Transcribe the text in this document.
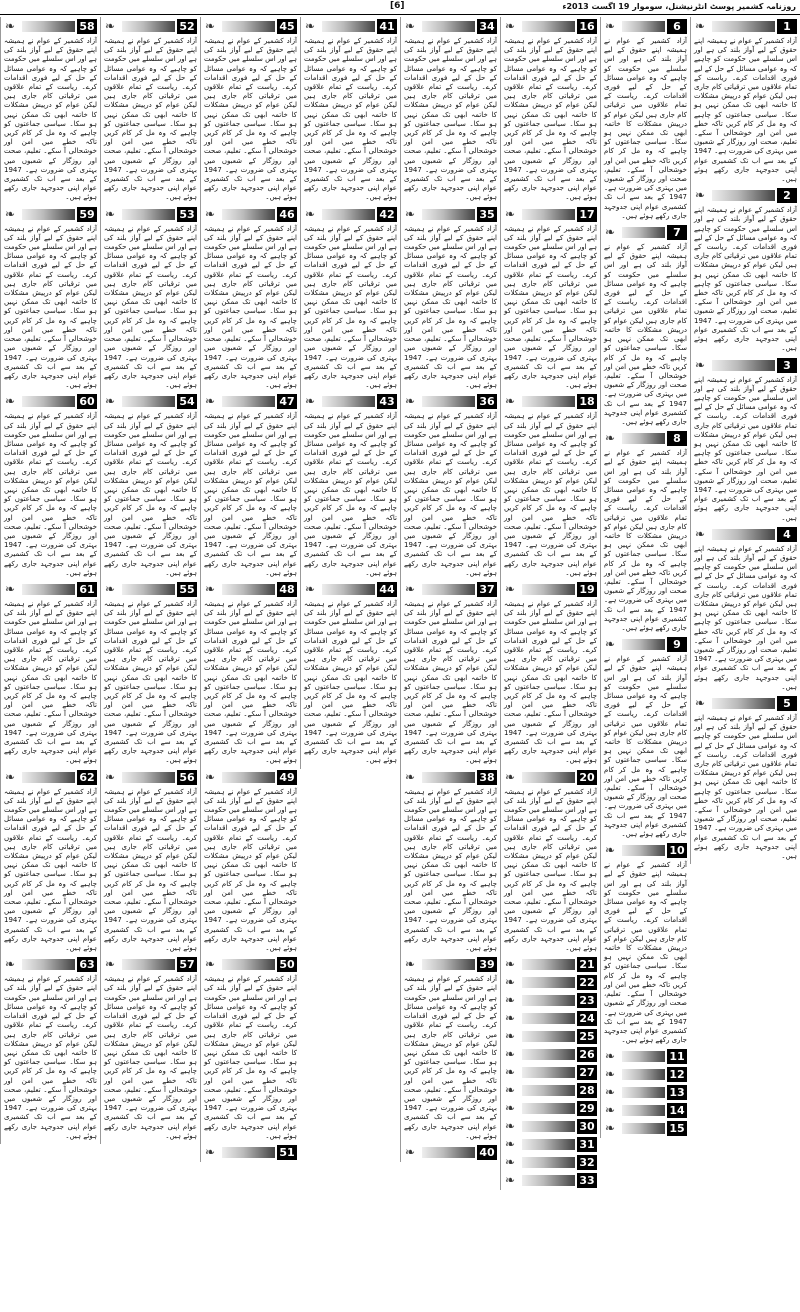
روزنامہ کشمیر پوسٹ انٹرنیشنل، سوموار 19 اگست 2013ء
[6]
❧	1
آزاد کشمیر کے عوام نے ہمیشہ اپنے حقوق کے لیے آواز بلند کی ہے اور اس سلسلے میں حکومت کو چاہیے کہ وہ عوامی مسائل کے حل کے لیے فوری اقدامات کرے۔ ریاست کے تمام علاقوں میں ترقیاتی کام جاری ہیں لیکن عوام کو درپیش مشکلات کا خاتمہ ابھی تک ممکن نہیں ہو سکا۔ سیاسی جماعتوں کو چاہیے کہ وہ مل کر کام کریں تاکہ خطے میں امن اور خوشحالی آ سکے۔ تعلیم، صحت اور روزگار کے شعبوں میں بہتری کی ضرورت ہے۔ 1947 کے بعد سے اب تک کشمیری عوام اپنی جدوجہد جاری رکھے ہوئے ہیں۔
❧	2
آزاد کشمیر کے عوام نے ہمیشہ اپنے حقوق کے لیے آواز بلند کی ہے اور اس سلسلے میں حکومت کو چاہیے کہ وہ عوامی مسائل کے حل کے لیے فوری اقدامات کرے۔ ریاست کے تمام علاقوں میں ترقیاتی کام جاری ہیں لیکن عوام کو درپیش مشکلات کا خاتمہ ابھی تک ممکن نہیں ہو سکا۔ سیاسی جماعتوں کو چاہیے کہ وہ مل کر کام کریں تاکہ خطے میں امن اور خوشحالی آ سکے۔ تعلیم، صحت اور روزگار کے شعبوں میں بہتری کی ضرورت ہے۔ 1947 کے بعد سے اب تک کشمیری عوام اپنی جدوجہد جاری رکھے ہوئے ہیں۔
❧	3
آزاد کشمیر کے عوام نے ہمیشہ اپنے حقوق کے لیے آواز بلند کی ہے اور اس سلسلے میں حکومت کو چاہیے کہ وہ عوامی مسائل کے حل کے لیے فوری اقدامات کرے۔ ریاست کے تمام علاقوں میں ترقیاتی کام جاری ہیں لیکن عوام کو درپیش مشکلات کا خاتمہ ابھی تک ممکن نہیں ہو سکا۔ سیاسی جماعتوں کو چاہیے کہ وہ مل کر کام کریں تاکہ خطے میں امن اور خوشحالی آ سکے۔ تعلیم، صحت اور روزگار کے شعبوں میں بہتری کی ضرورت ہے۔ 1947 کے بعد سے اب تک کشمیری عوام اپنی جدوجہد جاری رکھے ہوئے ہیں۔
❧	4
آزاد کشمیر کے عوام نے ہمیشہ اپنے حقوق کے لیے آواز بلند کی ہے اور اس سلسلے میں حکومت کو چاہیے کہ وہ عوامی مسائل کے حل کے لیے فوری اقدامات کرے۔ ریاست کے تمام علاقوں میں ترقیاتی کام جاری ہیں لیکن عوام کو درپیش مشکلات کا خاتمہ ابھی تک ممکن نہیں ہو سکا۔ سیاسی جماعتوں کو چاہیے کہ وہ مل کر کام کریں تاکہ خطے میں امن اور خوشحالی آ سکے۔ تعلیم، صحت اور روزگار کے شعبوں میں بہتری کی ضرورت ہے۔ 1947 کے بعد سے اب تک کشمیری عوام اپنی جدوجہد جاری رکھے ہوئے ہیں۔
❧	5
آزاد کشمیر کے عوام نے ہمیشہ اپنے حقوق کے لیے آواز بلند کی ہے اور اس سلسلے میں حکومت کو چاہیے کہ وہ عوامی مسائل کے حل کے لیے فوری اقدامات کرے۔ ریاست کے تمام علاقوں میں ترقیاتی کام جاری ہیں لیکن عوام کو درپیش مشکلات کا خاتمہ ابھی تک ممکن نہیں ہو سکا۔ سیاسی جماعتوں کو چاہیے کہ وہ مل کر کام کریں تاکہ خطے میں امن اور خوشحالی آ سکے۔ تعلیم، صحت اور روزگار کے شعبوں میں بہتری کی ضرورت ہے۔ 1947 کے بعد سے اب تک کشمیری عوام اپنی جدوجہد جاری رکھے ہوئے ہیں۔
❧	6
آزاد کشمیر کے عوام نے ہمیشہ اپنے حقوق کے لیے آواز بلند کی ہے اور اس سلسلے میں حکومت کو چاہیے کہ وہ عوامی مسائل کے حل کے لیے فوری اقدامات کرے۔ ریاست کے تمام علاقوں میں ترقیاتی کام جاری ہیں لیکن عوام کو درپیش مشکلات کا خاتمہ ابھی تک ممکن نہیں ہو سکا۔ سیاسی جماعتوں کو چاہیے کہ وہ مل کر کام کریں تاکہ خطے میں امن اور خوشحالی آ سکے۔ تعلیم، صحت اور روزگار کے شعبوں میں بہتری کی ضرورت ہے۔ 1947 کے بعد سے اب تک کشمیری عوام اپنی جدوجہد جاری رکھے ہوئے ہیں۔
❧	7
آزاد کشمیر کے عوام نے ہمیشہ اپنے حقوق کے لیے آواز بلند کی ہے اور اس سلسلے میں حکومت کو چاہیے کہ وہ عوامی مسائل کے حل کے لیے فوری اقدامات کرے۔ ریاست کے تمام علاقوں میں ترقیاتی کام جاری ہیں لیکن عوام کو درپیش مشکلات کا خاتمہ ابھی تک ممکن نہیں ہو سکا۔ سیاسی جماعتوں کو چاہیے کہ وہ مل کر کام کریں تاکہ خطے میں امن اور خوشحالی آ سکے۔ تعلیم، صحت اور روزگار کے شعبوں میں بہتری کی ضرورت ہے۔ 1947 کے بعد سے اب تک کشمیری عوام اپنی جدوجہد جاری رکھے ہوئے ہیں۔
❧	8
آزاد کشمیر کے عوام نے ہمیشہ اپنے حقوق کے لیے آواز بلند کی ہے اور اس سلسلے میں حکومت کو چاہیے کہ وہ عوامی مسائل کے حل کے لیے فوری اقدامات کرے۔ ریاست کے تمام علاقوں میں ترقیاتی کام جاری ہیں لیکن عوام کو درپیش مشکلات کا خاتمہ ابھی تک ممکن نہیں ہو سکا۔ سیاسی جماعتوں کو چاہیے کہ وہ مل کر کام کریں تاکہ خطے میں امن اور خوشحالی آ سکے۔ تعلیم، صحت اور روزگار کے شعبوں میں بہتری کی ضرورت ہے۔ 1947 کے بعد سے اب تک کشمیری عوام اپنی جدوجہد جاری رکھے ہوئے ہیں۔
❧	9
آزاد کشمیر کے عوام نے ہمیشہ اپنے حقوق کے لیے آواز بلند کی ہے اور اس سلسلے میں حکومت کو چاہیے کہ وہ عوامی مسائل کے حل کے لیے فوری اقدامات کرے۔ ریاست کے تمام علاقوں میں ترقیاتی کام جاری ہیں لیکن عوام کو درپیش مشکلات کا خاتمہ ابھی تک ممکن نہیں ہو سکا۔ سیاسی جماعتوں کو چاہیے کہ وہ مل کر کام کریں تاکہ خطے میں امن اور خوشحالی آ سکے۔ تعلیم، صحت اور روزگار کے شعبوں میں بہتری کی ضرورت ہے۔ 1947 کے بعد سے اب تک کشمیری عوام اپنی جدوجہد جاری رکھے ہوئے ہیں۔
❧	10
آزاد کشمیر کے عوام نے ہمیشہ اپنے حقوق کے لیے آواز بلند کی ہے اور اس سلسلے میں حکومت کو چاہیے کہ وہ عوامی مسائل کے حل کے لیے فوری اقدامات کرے۔ ریاست کے تمام علاقوں میں ترقیاتی کام جاری ہیں لیکن عوام کو درپیش مشکلات کا خاتمہ ابھی تک ممکن نہیں ہو سکا۔ سیاسی جماعتوں کو چاہیے کہ وہ مل کر کام کریں تاکہ خطے میں امن اور خوشحالی آ سکے۔ تعلیم، صحت اور روزگار کے شعبوں میں بہتری کی ضرورت ہے۔ 1947 کے بعد سے اب تک کشمیری عوام اپنی جدوجہد جاری رکھے ہوئے ہیں۔
❧	11
❧	12
❧	13
❧	14
❧	15
❧	16
آزاد کشمیر کے عوام نے ہمیشہ اپنے حقوق کے لیے آواز بلند کی ہے اور اس سلسلے میں حکومت کو چاہیے کہ وہ عوامی مسائل کے حل کے لیے فوری اقدامات کرے۔ ریاست کے تمام علاقوں میں ترقیاتی کام جاری ہیں لیکن عوام کو درپیش مشکلات کا خاتمہ ابھی تک ممکن نہیں ہو سکا۔ سیاسی جماعتوں کو چاہیے کہ وہ مل کر کام کریں تاکہ خطے میں امن اور خوشحالی آ سکے۔ تعلیم، صحت اور روزگار کے شعبوں میں بہتری کی ضرورت ہے۔ 1947 کے بعد سے اب تک کشمیری عوام اپنی جدوجہد جاری رکھے ہوئے ہیں۔
❧	17
آزاد کشمیر کے عوام نے ہمیشہ اپنے حقوق کے لیے آواز بلند کی ہے اور اس سلسلے میں حکومت کو چاہیے کہ وہ عوامی مسائل کے حل کے لیے فوری اقدامات کرے۔ ریاست کے تمام علاقوں میں ترقیاتی کام جاری ہیں لیکن عوام کو درپیش مشکلات کا خاتمہ ابھی تک ممکن نہیں ہو سکا۔ سیاسی جماعتوں کو چاہیے کہ وہ مل کر کام کریں تاکہ خطے میں امن اور خوشحالی آ سکے۔ تعلیم، صحت اور روزگار کے شعبوں میں بہتری کی ضرورت ہے۔ 1947 کے بعد سے اب تک کشمیری عوام اپنی جدوجہد جاری رکھے ہوئے ہیں۔
❧	18
آزاد کشمیر کے عوام نے ہمیشہ اپنے حقوق کے لیے آواز بلند کی ہے اور اس سلسلے میں حکومت کو چاہیے کہ وہ عوامی مسائل کے حل کے لیے فوری اقدامات کرے۔ ریاست کے تمام علاقوں میں ترقیاتی کام جاری ہیں لیکن عوام کو درپیش مشکلات کا خاتمہ ابھی تک ممکن نہیں ہو سکا۔ سیاسی جماعتوں کو چاہیے کہ وہ مل کر کام کریں تاکہ خطے میں امن اور خوشحالی آ سکے۔ تعلیم، صحت اور روزگار کے شعبوں میں بہتری کی ضرورت ہے۔ 1947 کے بعد سے اب تک کشمیری عوام اپنی جدوجہد جاری رکھے ہوئے ہیں۔
❧	19
آزاد کشمیر کے عوام نے ہمیشہ اپنے حقوق کے لیے آواز بلند کی ہے اور اس سلسلے میں حکومت کو چاہیے کہ وہ عوامی مسائل کے حل کے لیے فوری اقدامات کرے۔ ریاست کے تمام علاقوں میں ترقیاتی کام جاری ہیں لیکن عوام کو درپیش مشکلات کا خاتمہ ابھی تک ممکن نہیں ہو سکا۔ سیاسی جماعتوں کو چاہیے کہ وہ مل کر کام کریں تاکہ خطے میں امن اور خوشحالی آ سکے۔ تعلیم، صحت اور روزگار کے شعبوں میں بہتری کی ضرورت ہے۔ 1947 کے بعد سے اب تک کشمیری عوام اپنی جدوجہد جاری رکھے ہوئے ہیں۔
❧	20
آزاد کشمیر کے عوام نے ہمیشہ اپنے حقوق کے لیے آواز بلند کی ہے اور اس سلسلے میں حکومت کو چاہیے کہ وہ عوامی مسائل کے حل کے لیے فوری اقدامات کرے۔ ریاست کے تمام علاقوں میں ترقیاتی کام جاری ہیں لیکن عوام کو درپیش مشکلات کا خاتمہ ابھی تک ممکن نہیں ہو سکا۔ سیاسی جماعتوں کو چاہیے کہ وہ مل کر کام کریں تاکہ خطے میں امن اور خوشحالی آ سکے۔ تعلیم، صحت اور روزگار کے شعبوں میں بہتری کی ضرورت ہے۔ 1947 کے بعد سے اب تک کشمیری عوام اپنی جدوجہد جاری رکھے ہوئے ہیں۔
❧	21
❧	22
❧	23
❧	24
❧	25
❧	26
❧	27
❧	28
❧	29
❧	30
❧	31
❧	32
❧	33
❧	34
آزاد کشمیر کے عوام نے ہمیشہ اپنے حقوق کے لیے آواز بلند کی ہے اور اس سلسلے میں حکومت کو چاہیے کہ وہ عوامی مسائل کے حل کے لیے فوری اقدامات کرے۔ ریاست کے تمام علاقوں میں ترقیاتی کام جاری ہیں لیکن عوام کو درپیش مشکلات کا خاتمہ ابھی تک ممکن نہیں ہو سکا۔ سیاسی جماعتوں کو چاہیے کہ وہ مل کر کام کریں تاکہ خطے میں امن اور خوشحالی آ سکے۔ تعلیم، صحت اور روزگار کے شعبوں میں بہتری کی ضرورت ہے۔ 1947 کے بعد سے اب تک کشمیری عوام اپنی جدوجہد جاری رکھے ہوئے ہیں۔
❧	35
آزاد کشمیر کے عوام نے ہمیشہ اپنے حقوق کے لیے آواز بلند کی ہے اور اس سلسلے میں حکومت کو چاہیے کہ وہ عوامی مسائل کے حل کے لیے فوری اقدامات کرے۔ ریاست کے تمام علاقوں میں ترقیاتی کام جاری ہیں لیکن عوام کو درپیش مشکلات کا خاتمہ ابھی تک ممکن نہیں ہو سکا۔ سیاسی جماعتوں کو چاہیے کہ وہ مل کر کام کریں تاکہ خطے میں امن اور خوشحالی آ سکے۔ تعلیم، صحت اور روزگار کے شعبوں میں بہتری کی ضرورت ہے۔ 1947 کے بعد سے اب تک کشمیری عوام اپنی جدوجہد جاری رکھے ہوئے ہیں۔
❧	36
آزاد کشمیر کے عوام نے ہمیشہ اپنے حقوق کے لیے آواز بلند کی ہے اور اس سلسلے میں حکومت کو چاہیے کہ وہ عوامی مسائل کے حل کے لیے فوری اقدامات کرے۔ ریاست کے تمام علاقوں میں ترقیاتی کام جاری ہیں لیکن عوام کو درپیش مشکلات کا خاتمہ ابھی تک ممکن نہیں ہو سکا۔ سیاسی جماعتوں کو چاہیے کہ وہ مل کر کام کریں تاکہ خطے میں امن اور خوشحالی آ سکے۔ تعلیم، صحت اور روزگار کے شعبوں میں بہتری کی ضرورت ہے۔ 1947 کے بعد سے اب تک کشمیری عوام اپنی جدوجہد جاری رکھے ہوئے ہیں۔
❧	37
آزاد کشمیر کے عوام نے ہمیشہ اپنے حقوق کے لیے آواز بلند کی ہے اور اس سلسلے میں حکومت کو چاہیے کہ وہ عوامی مسائل کے حل کے لیے فوری اقدامات کرے۔ ریاست کے تمام علاقوں میں ترقیاتی کام جاری ہیں لیکن عوام کو درپیش مشکلات کا خاتمہ ابھی تک ممکن نہیں ہو سکا۔ سیاسی جماعتوں کو چاہیے کہ وہ مل کر کام کریں تاکہ خطے میں امن اور خوشحالی آ سکے۔ تعلیم، صحت اور روزگار کے شعبوں میں بہتری کی ضرورت ہے۔ 1947 کے بعد سے اب تک کشمیری عوام اپنی جدوجہد جاری رکھے ہوئے ہیں۔
❧	38
آزاد کشمیر کے عوام نے ہمیشہ اپنے حقوق کے لیے آواز بلند کی ہے اور اس سلسلے میں حکومت کو چاہیے کہ وہ عوامی مسائل کے حل کے لیے فوری اقدامات کرے۔ ریاست کے تمام علاقوں میں ترقیاتی کام جاری ہیں لیکن عوام کو درپیش مشکلات کا خاتمہ ابھی تک ممکن نہیں ہو سکا۔ سیاسی جماعتوں کو چاہیے کہ وہ مل کر کام کریں تاکہ خطے میں امن اور خوشحالی آ سکے۔ تعلیم، صحت اور روزگار کے شعبوں میں بہتری کی ضرورت ہے۔ 1947 کے بعد سے اب تک کشمیری عوام اپنی جدوجہد جاری رکھے ہوئے ہیں۔
❧	39
آزاد کشمیر کے عوام نے ہمیشہ اپنے حقوق کے لیے آواز بلند کی ہے اور اس سلسلے میں حکومت کو چاہیے کہ وہ عوامی مسائل کے حل کے لیے فوری اقدامات کرے۔ ریاست کے تمام علاقوں میں ترقیاتی کام جاری ہیں لیکن عوام کو درپیش مشکلات کا خاتمہ ابھی تک ممکن نہیں ہو سکا۔ سیاسی جماعتوں کو چاہیے کہ وہ مل کر کام کریں تاکہ خطے میں امن اور خوشحالی آ سکے۔ تعلیم، صحت اور روزگار کے شعبوں میں بہتری کی ضرورت ہے۔ 1947 کے بعد سے اب تک کشمیری عوام اپنی جدوجہد جاری رکھے ہوئے ہیں۔
❧	40
❧	41
آزاد کشمیر کے عوام نے ہمیشہ اپنے حقوق کے لیے آواز بلند کی ہے اور اس سلسلے میں حکومت کو چاہیے کہ وہ عوامی مسائل کے حل کے لیے فوری اقدامات کرے۔ ریاست کے تمام علاقوں میں ترقیاتی کام جاری ہیں لیکن عوام کو درپیش مشکلات کا خاتمہ ابھی تک ممکن نہیں ہو سکا۔ سیاسی جماعتوں کو چاہیے کہ وہ مل کر کام کریں تاکہ خطے میں امن اور خوشحالی آ سکے۔ تعلیم، صحت اور روزگار کے شعبوں میں بہتری کی ضرورت ہے۔ 1947 کے بعد سے اب تک کشمیری عوام اپنی جدوجہد جاری رکھے ہوئے ہیں۔
❧	42
آزاد کشمیر کے عوام نے ہمیشہ اپنے حقوق کے لیے آواز بلند کی ہے اور اس سلسلے میں حکومت کو چاہیے کہ وہ عوامی مسائل کے حل کے لیے فوری اقدامات کرے۔ ریاست کے تمام علاقوں میں ترقیاتی کام جاری ہیں لیکن عوام کو درپیش مشکلات کا خاتمہ ابھی تک ممکن نہیں ہو سکا۔ سیاسی جماعتوں کو چاہیے کہ وہ مل کر کام کریں تاکہ خطے میں امن اور خوشحالی آ سکے۔ تعلیم، صحت اور روزگار کے شعبوں میں بہتری کی ضرورت ہے۔ 1947 کے بعد سے اب تک کشمیری عوام اپنی جدوجہد جاری رکھے ہوئے ہیں۔
❧	43
آزاد کشمیر کے عوام نے ہمیشہ اپنے حقوق کے لیے آواز بلند کی ہے اور اس سلسلے میں حکومت کو چاہیے کہ وہ عوامی مسائل کے حل کے لیے فوری اقدامات کرے۔ ریاست کے تمام علاقوں میں ترقیاتی کام جاری ہیں لیکن عوام کو درپیش مشکلات کا خاتمہ ابھی تک ممکن نہیں ہو سکا۔ سیاسی جماعتوں کو چاہیے کہ وہ مل کر کام کریں تاکہ خطے میں امن اور خوشحالی آ سکے۔ تعلیم، صحت اور روزگار کے شعبوں میں بہتری کی ضرورت ہے۔ 1947 کے بعد سے اب تک کشمیری عوام اپنی جدوجہد جاری رکھے ہوئے ہیں۔
❧	44
آزاد کشمیر کے عوام نے ہمیشہ اپنے حقوق کے لیے آواز بلند کی ہے اور اس سلسلے میں حکومت کو چاہیے کہ وہ عوامی مسائل کے حل کے لیے فوری اقدامات کرے۔ ریاست کے تمام علاقوں میں ترقیاتی کام جاری ہیں لیکن عوام کو درپیش مشکلات کا خاتمہ ابھی تک ممکن نہیں ہو سکا۔ سیاسی جماعتوں کو چاہیے کہ وہ مل کر کام کریں تاکہ خطے میں امن اور خوشحالی آ سکے۔ تعلیم، صحت اور روزگار کے شعبوں میں بہتری کی ضرورت ہے۔ 1947 کے بعد سے اب تک کشمیری عوام اپنی جدوجہد جاری رکھے ہوئے ہیں۔
❧	45
آزاد کشمیر کے عوام نے ہمیشہ اپنے حقوق کے لیے آواز بلند کی ہے اور اس سلسلے میں حکومت کو چاہیے کہ وہ عوامی مسائل کے حل کے لیے فوری اقدامات کرے۔ ریاست کے تمام علاقوں میں ترقیاتی کام جاری ہیں لیکن عوام کو درپیش مشکلات کا خاتمہ ابھی تک ممکن نہیں ہو سکا۔ سیاسی جماعتوں کو چاہیے کہ وہ مل کر کام کریں تاکہ خطے میں امن اور خوشحالی آ سکے۔ تعلیم، صحت اور روزگار کے شعبوں میں بہتری کی ضرورت ہے۔ 1947 کے بعد سے اب تک کشمیری عوام اپنی جدوجہد جاری رکھے ہوئے ہیں۔
❧	46
آزاد کشمیر کے عوام نے ہمیشہ اپنے حقوق کے لیے آواز بلند کی ہے اور اس سلسلے میں حکومت کو چاہیے کہ وہ عوامی مسائل کے حل کے لیے فوری اقدامات کرے۔ ریاست کے تمام علاقوں میں ترقیاتی کام جاری ہیں لیکن عوام کو درپیش مشکلات کا خاتمہ ابھی تک ممکن نہیں ہو سکا۔ سیاسی جماعتوں کو چاہیے کہ وہ مل کر کام کریں تاکہ خطے میں امن اور خوشحالی آ سکے۔ تعلیم، صحت اور روزگار کے شعبوں میں بہتری کی ضرورت ہے۔ 1947 کے بعد سے اب تک کشمیری عوام اپنی جدوجہد جاری رکھے ہوئے ہیں۔
❧	47
آزاد کشمیر کے عوام نے ہمیشہ اپنے حقوق کے لیے آواز بلند کی ہے اور اس سلسلے میں حکومت کو چاہیے کہ وہ عوامی مسائل کے حل کے لیے فوری اقدامات کرے۔ ریاست کے تمام علاقوں میں ترقیاتی کام جاری ہیں لیکن عوام کو درپیش مشکلات کا خاتمہ ابھی تک ممکن نہیں ہو سکا۔ سیاسی جماعتوں کو چاہیے کہ وہ مل کر کام کریں تاکہ خطے میں امن اور خوشحالی آ سکے۔ تعلیم، صحت اور روزگار کے شعبوں میں بہتری کی ضرورت ہے۔ 1947 کے بعد سے اب تک کشمیری عوام اپنی جدوجہد جاری رکھے ہوئے ہیں۔
❧	48
آزاد کشمیر کے عوام نے ہمیشہ اپنے حقوق کے لیے آواز بلند کی ہے اور اس سلسلے میں حکومت کو چاہیے کہ وہ عوامی مسائل کے حل کے لیے فوری اقدامات کرے۔ ریاست کے تمام علاقوں میں ترقیاتی کام جاری ہیں لیکن عوام کو درپیش مشکلات کا خاتمہ ابھی تک ممکن نہیں ہو سکا۔ سیاسی جماعتوں کو چاہیے کہ وہ مل کر کام کریں تاکہ خطے میں امن اور خوشحالی آ سکے۔ تعلیم، صحت اور روزگار کے شعبوں میں بہتری کی ضرورت ہے۔ 1947 کے بعد سے اب تک کشمیری عوام اپنی جدوجہد جاری رکھے ہوئے ہیں۔
❧	49
آزاد کشمیر کے عوام نے ہمیشہ اپنے حقوق کے لیے آواز بلند کی ہے اور اس سلسلے میں حکومت کو چاہیے کہ وہ عوامی مسائل کے حل کے لیے فوری اقدامات کرے۔ ریاست کے تمام علاقوں میں ترقیاتی کام جاری ہیں لیکن عوام کو درپیش مشکلات کا خاتمہ ابھی تک ممکن نہیں ہو سکا۔ سیاسی جماعتوں کو چاہیے کہ وہ مل کر کام کریں تاکہ خطے میں امن اور خوشحالی آ سکے۔ تعلیم، صحت اور روزگار کے شعبوں میں بہتری کی ضرورت ہے۔ 1947 کے بعد سے اب تک کشمیری عوام اپنی جدوجہد جاری رکھے ہوئے ہیں۔
❧	50
آزاد کشمیر کے عوام نے ہمیشہ اپنے حقوق کے لیے آواز بلند کی ہے اور اس سلسلے میں حکومت کو چاہیے کہ وہ عوامی مسائل کے حل کے لیے فوری اقدامات کرے۔ ریاست کے تمام علاقوں میں ترقیاتی کام جاری ہیں لیکن عوام کو درپیش مشکلات کا خاتمہ ابھی تک ممکن نہیں ہو سکا۔ سیاسی جماعتوں کو چاہیے کہ وہ مل کر کام کریں تاکہ خطے میں امن اور خوشحالی آ سکے۔ تعلیم، صحت اور روزگار کے شعبوں میں بہتری کی ضرورت ہے۔ 1947 کے بعد سے اب تک کشمیری عوام اپنی جدوجہد جاری رکھے ہوئے ہیں۔
❧	51
❧	52
آزاد کشمیر کے عوام نے ہمیشہ اپنے حقوق کے لیے آواز بلند کی ہے اور اس سلسلے میں حکومت کو چاہیے کہ وہ عوامی مسائل کے حل کے لیے فوری اقدامات کرے۔ ریاست کے تمام علاقوں میں ترقیاتی کام جاری ہیں لیکن عوام کو درپیش مشکلات کا خاتمہ ابھی تک ممکن نہیں ہو سکا۔ سیاسی جماعتوں کو چاہیے کہ وہ مل کر کام کریں تاکہ خطے میں امن اور خوشحالی آ سکے۔ تعلیم، صحت اور روزگار کے شعبوں میں بہتری کی ضرورت ہے۔ 1947 کے بعد سے اب تک کشمیری عوام اپنی جدوجہد جاری رکھے ہوئے ہیں۔
❧	53
آزاد کشمیر کے عوام نے ہمیشہ اپنے حقوق کے لیے آواز بلند کی ہے اور اس سلسلے میں حکومت کو چاہیے کہ وہ عوامی مسائل کے حل کے لیے فوری اقدامات کرے۔ ریاست کے تمام علاقوں میں ترقیاتی کام جاری ہیں لیکن عوام کو درپیش مشکلات کا خاتمہ ابھی تک ممکن نہیں ہو سکا۔ سیاسی جماعتوں کو چاہیے کہ وہ مل کر کام کریں تاکہ خطے میں امن اور خوشحالی آ سکے۔ تعلیم، صحت اور روزگار کے شعبوں میں بہتری کی ضرورت ہے۔ 1947 کے بعد سے اب تک کشمیری عوام اپنی جدوجہد جاری رکھے ہوئے ہیں۔
❧	54
آزاد کشمیر کے عوام نے ہمیشہ اپنے حقوق کے لیے آواز بلند کی ہے اور اس سلسلے میں حکومت کو چاہیے کہ وہ عوامی مسائل کے حل کے لیے فوری اقدامات کرے۔ ریاست کے تمام علاقوں میں ترقیاتی کام جاری ہیں لیکن عوام کو درپیش مشکلات کا خاتمہ ابھی تک ممکن نہیں ہو سکا۔ سیاسی جماعتوں کو چاہیے کہ وہ مل کر کام کریں تاکہ خطے میں امن اور خوشحالی آ سکے۔ تعلیم، صحت اور روزگار کے شعبوں میں بہتری کی ضرورت ہے۔ 1947 کے بعد سے اب تک کشمیری عوام اپنی جدوجہد جاری رکھے ہوئے ہیں۔
❧	55
آزاد کشمیر کے عوام نے ہمیشہ اپنے حقوق کے لیے آواز بلند کی ہے اور اس سلسلے میں حکومت کو چاہیے کہ وہ عوامی مسائل کے حل کے لیے فوری اقدامات کرے۔ ریاست کے تمام علاقوں میں ترقیاتی کام جاری ہیں لیکن عوام کو درپیش مشکلات کا خاتمہ ابھی تک ممکن نہیں ہو سکا۔ سیاسی جماعتوں کو چاہیے کہ وہ مل کر کام کریں تاکہ خطے میں امن اور خوشحالی آ سکے۔ تعلیم، صحت اور روزگار کے شعبوں میں بہتری کی ضرورت ہے۔ 1947 کے بعد سے اب تک کشمیری عوام اپنی جدوجہد جاری رکھے ہوئے ہیں۔
❧	56
آزاد کشمیر کے عوام نے ہمیشہ اپنے حقوق کے لیے آواز بلند کی ہے اور اس سلسلے میں حکومت کو چاہیے کہ وہ عوامی مسائل کے حل کے لیے فوری اقدامات کرے۔ ریاست کے تمام علاقوں میں ترقیاتی کام جاری ہیں لیکن عوام کو درپیش مشکلات کا خاتمہ ابھی تک ممکن نہیں ہو سکا۔ سیاسی جماعتوں کو چاہیے کہ وہ مل کر کام کریں تاکہ خطے میں امن اور خوشحالی آ سکے۔ تعلیم، صحت اور روزگار کے شعبوں میں بہتری کی ضرورت ہے۔ 1947 کے بعد سے اب تک کشمیری عوام اپنی جدوجہد جاری رکھے ہوئے ہیں۔
❧	57
آزاد کشمیر کے عوام نے ہمیشہ اپنے حقوق کے لیے آواز بلند کی ہے اور اس سلسلے میں حکومت کو چاہیے کہ وہ عوامی مسائل کے حل کے لیے فوری اقدامات کرے۔ ریاست کے تمام علاقوں میں ترقیاتی کام جاری ہیں لیکن عوام کو درپیش مشکلات کا خاتمہ ابھی تک ممکن نہیں ہو سکا۔ سیاسی جماعتوں کو چاہیے کہ وہ مل کر کام کریں تاکہ خطے میں امن اور خوشحالی آ سکے۔ تعلیم، صحت اور روزگار کے شعبوں میں بہتری کی ضرورت ہے۔ 1947 کے بعد سے اب تک کشمیری عوام اپنی جدوجہد جاری رکھے ہوئے ہیں۔
❧	58
آزاد کشمیر کے عوام نے ہمیشہ اپنے حقوق کے لیے آواز بلند کی ہے اور اس سلسلے میں حکومت کو چاہیے کہ وہ عوامی مسائل کے حل کے لیے فوری اقدامات کرے۔ ریاست کے تمام علاقوں میں ترقیاتی کام جاری ہیں لیکن عوام کو درپیش مشکلات کا خاتمہ ابھی تک ممکن نہیں ہو سکا۔ سیاسی جماعتوں کو چاہیے کہ وہ مل کر کام کریں تاکہ خطے میں امن اور خوشحالی آ سکے۔ تعلیم، صحت اور روزگار کے شعبوں میں بہتری کی ضرورت ہے۔ 1947 کے بعد سے اب تک کشمیری عوام اپنی جدوجہد جاری رکھے ہوئے ہیں۔
❧	59
آزاد کشمیر کے عوام نے ہمیشہ اپنے حقوق کے لیے آواز بلند کی ہے اور اس سلسلے میں حکومت کو چاہیے کہ وہ عوامی مسائل کے حل کے لیے فوری اقدامات کرے۔ ریاست کے تمام علاقوں میں ترقیاتی کام جاری ہیں لیکن عوام کو درپیش مشکلات کا خاتمہ ابھی تک ممکن نہیں ہو سکا۔ سیاسی جماعتوں کو چاہیے کہ وہ مل کر کام کریں تاکہ خطے میں امن اور خوشحالی آ سکے۔ تعلیم، صحت اور روزگار کے شعبوں میں بہتری کی ضرورت ہے۔ 1947 کے بعد سے اب تک کشمیری عوام اپنی جدوجہد جاری رکھے ہوئے ہیں۔
❧	60
آزاد کشمیر کے عوام نے ہمیشہ اپنے حقوق کے لیے آواز بلند کی ہے اور اس سلسلے میں حکومت کو چاہیے کہ وہ عوامی مسائل کے حل کے لیے فوری اقدامات کرے۔ ریاست کے تمام علاقوں میں ترقیاتی کام جاری ہیں لیکن عوام کو درپیش مشکلات کا خاتمہ ابھی تک ممکن نہیں ہو سکا۔ سیاسی جماعتوں کو چاہیے کہ وہ مل کر کام کریں تاکہ خطے میں امن اور خوشحالی آ سکے۔ تعلیم، صحت اور روزگار کے شعبوں میں بہتری کی ضرورت ہے۔ 1947 کے بعد سے اب تک کشمیری عوام اپنی جدوجہد جاری رکھے ہوئے ہیں۔
❧	61
آزاد کشمیر کے عوام نے ہمیشہ اپنے حقوق کے لیے آواز بلند کی ہے اور اس سلسلے میں حکومت کو چاہیے کہ وہ عوامی مسائل کے حل کے لیے فوری اقدامات کرے۔ ریاست کے تمام علاقوں میں ترقیاتی کام جاری ہیں لیکن عوام کو درپیش مشکلات کا خاتمہ ابھی تک ممکن نہیں ہو سکا۔ سیاسی جماعتوں کو چاہیے کہ وہ مل کر کام کریں تاکہ خطے میں امن اور خوشحالی آ سکے۔ تعلیم، صحت اور روزگار کے شعبوں میں بہتری کی ضرورت ہے۔ 1947 کے بعد سے اب تک کشمیری عوام اپنی جدوجہد جاری رکھے ہوئے ہیں۔
❧	62
آزاد کشمیر کے عوام نے ہمیشہ اپنے حقوق کے لیے آواز بلند کی ہے اور اس سلسلے میں حکومت کو چاہیے کہ وہ عوامی مسائل کے حل کے لیے فوری اقدامات کرے۔ ریاست کے تمام علاقوں میں ترقیاتی کام جاری ہیں لیکن عوام کو درپیش مشکلات کا خاتمہ ابھی تک ممکن نہیں ہو سکا۔ سیاسی جماعتوں کو چاہیے کہ وہ مل کر کام کریں تاکہ خطے میں امن اور خوشحالی آ سکے۔ تعلیم، صحت اور روزگار کے شعبوں میں بہتری کی ضرورت ہے۔ 1947 کے بعد سے اب تک کشمیری عوام اپنی جدوجہد جاری رکھے ہوئے ہیں۔
❧	63
آزاد کشمیر کے عوام نے ہمیشہ اپنے حقوق کے لیے آواز بلند کی ہے اور اس سلسلے میں حکومت کو چاہیے کہ وہ عوامی مسائل کے حل کے لیے فوری اقدامات کرے۔ ریاست کے تمام علاقوں میں ترقیاتی کام جاری ہیں لیکن عوام کو درپیش مشکلات کا خاتمہ ابھی تک ممکن نہیں ہو سکا۔ سیاسی جماعتوں کو چاہیے کہ وہ مل کر کام کریں تاکہ خطے میں امن اور خوشحالی آ سکے۔ تعلیم، صحت اور روزگار کے شعبوں میں بہتری کی ضرورت ہے۔ 1947 کے بعد سے اب تک کشمیری عوام اپنی جدوجہد جاری رکھے ہوئے ہیں۔
